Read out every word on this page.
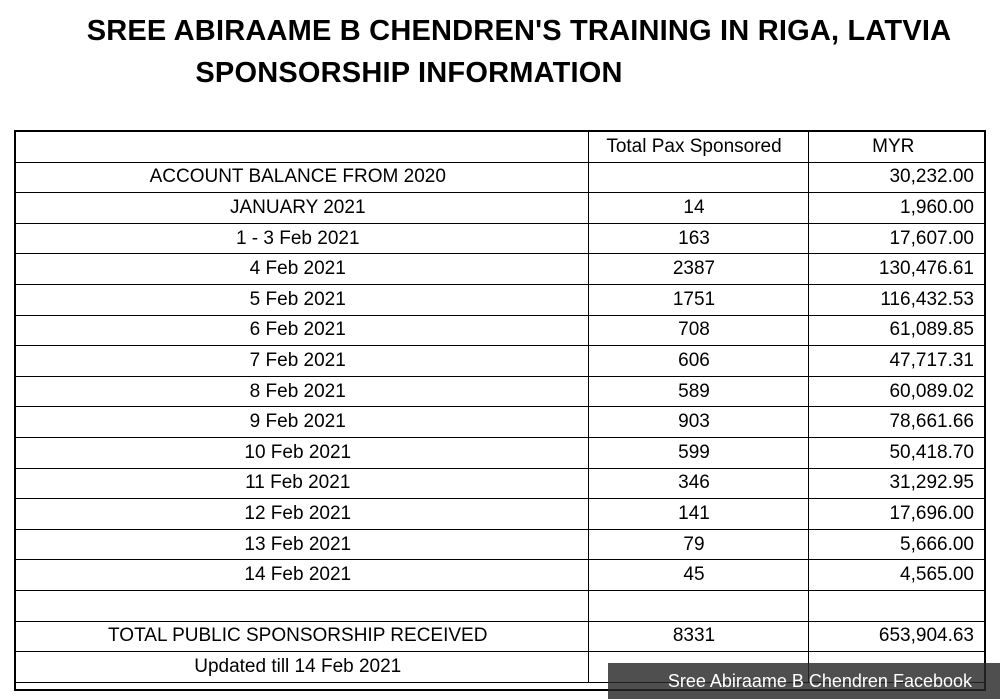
SREE ABIRAAME B CHENDREN'S TRAINING IN RIGA, LATVIA
SPONSORSHIP INFORMATION
	Total Pax Sponsored	MYR
ACCOUNT BALANCE FROM 2020		30,232.00
JANUARY 2021	14	1,960.00
1 - 3 Feb 2021	163	17,607.00
4 Feb 2021	2387	130,476.61
5 Feb 2021	1751	116,432.53
6 Feb 2021	708	61,089.85
7 Feb 2021	606	47,717.31
8 Feb 2021	589	60,089.02
9 Feb 2021	903	78,661.66
10 Feb 2021	599	50,418.70
11 Feb 2021	346	31,292.95
12 Feb 2021	141	17,696.00
13 Feb 2021	79	5,666.00
14 Feb 2021	45	4,565.00

TOTAL PUBLIC SPONSORSHIP RECEIVED	8331	653,904.63
Updated till 14 Feb 2021		
Sree Abiraame B Chendren Facebook
